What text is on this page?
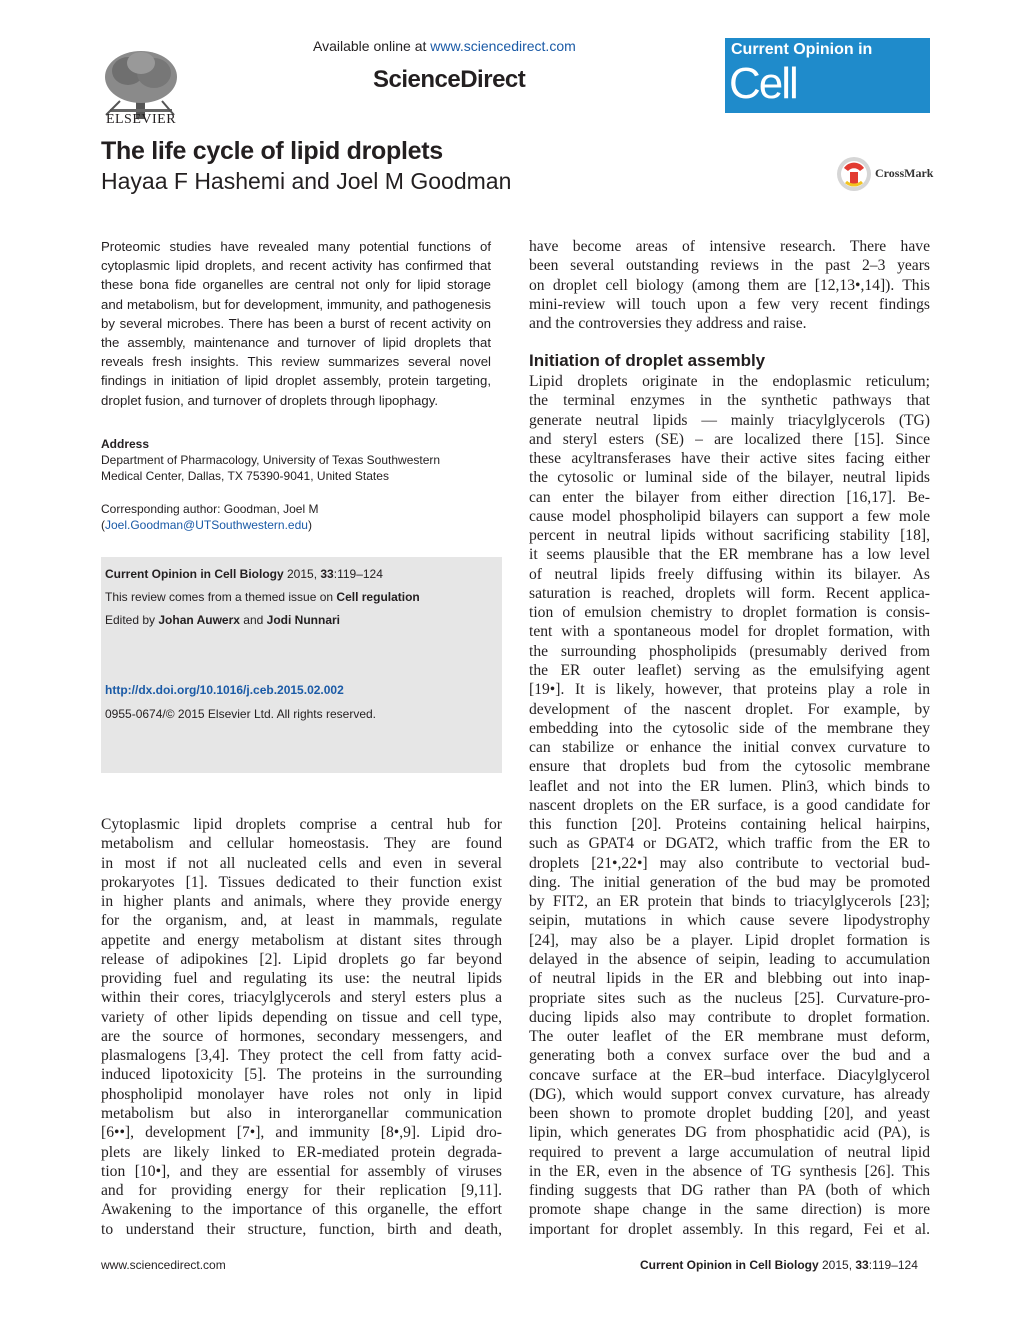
ELSEVIER
Available online at www.sciencedirect.com
ScienceDirect
Current Opinion in
Cell Biology
The life cycle of lipid droplets
Hayaa F Hashemi and Joel M Goodman	CrossMark
Proteomic studies have revealed many potential functions of cytoplasmic lipid droplets, and recent activity has confirmed that these bona fide organelles are central not only for lipid storage and metabolism, but for development, immunity, and pathogenesis by several microbes. There has been a burst of recent activity on the assembly, maintenance and turnover of lipid droplets that reveals fresh insights. This review summarizes several novel findings in initiation of lipid droplet assembly, protein targeting, droplet fusion, and turnover of droplets through lipophagy.
Address
Department of Pharmacology, University of Texas Southwestern
Medical Center, Dallas, TX 75390-9041, United States
Corresponding author: Goodman, Joel M
(Joel.Goodman@UTSouthwestern.edu)
Current Opinion in Cell Biology 2015, 33:119–124
This review comes from a themed issue on Cell regulation
Edited by Johan Auwerx and Jodi Nunnari
http://dx.doi.org/10.1016/j.ceb.2015.02.002
0955-0674/© 2015 Elsevier Ltd. All rights reserved.
Cytoplasmic lipid droplets comprise a central hub for
metabolism and cellular homeostasis. They are found
in most if not all nucleated cells and even in several
prokaryotes [1]. Tissues dedicated to their function exist
in higher plants and animals, where they provide energy
for the organism, and, at least in mammals, regulate
appetite and energy metabolism at distant sites through
release of adipokines [2]. Lipid droplets go far beyond
providing fuel and regulating its use: the neutral lipids
within their cores, triacylglycerols and steryl esters plus a
variety of other lipids depending on tissue and cell type,
are the source of hormones, secondary messengers, and
plasmalogens [3,4]. They protect the cell from fatty acid-
induced lipotoxicity [5]. The proteins in the surrounding
phospholipid monolayer have roles not only in lipid
metabolism but also in interorganellar communication
[6••], development [7•], and immunity [8•,9]. Lipid dro-
plets are likely linked to ER-mediated protein degrada-
tion [10•], and they are essential for assembly of viruses
and for providing energy for their replication [9,11].
Awakening to the importance of this organelle, the effort
to understand their structure, function, birth and death,
have become areas of intensive research. There have
been several outstanding reviews in the past 2–3 years
on droplet cell biology (among them are [12,13•,14]). This
mini-review will touch upon a few very recent findings
and the controversies they address and raise.
Initiation of droplet assembly
Lipid droplets originate in the endoplasmic reticulum;
the terminal enzymes in the synthetic pathways that
generate neutral lipids — mainly triacylglycerols (TG)
and steryl esters (SE) – are localized there [15]. Since
these acyltransferases have their active sites facing either
the cytosolic or luminal side of the bilayer, neutral lipids
can enter the bilayer from either direction [16,17]. Be-
cause model phospholipid bilayers can support a few mole
percent in neutral lipids without sacrificing stability [18],
it seems plausible that the ER membrane has a low level
of neutral lipids freely diffusing within its bilayer. As
saturation is reached, droplets will form. Recent applica-
tion of emulsion chemistry to droplet formation is consis-
tent with a spontaneous model for droplet formation, with
the surrounding phospholipids (presumably derived from
the ER outer leaflet) serving as the emulsifying agent
[19•]. It is likely, however, that proteins play a role in
development of the nascent droplet. For example, by
embedding into the cytosolic side of the membrane they
can stabilize or enhance the initial convex curvature to
ensure that droplets bud from the cytosolic membrane
leaflet and not into the ER lumen. Plin3, which binds to
nascent droplets on the ER surface, is a good candidate for
this function [20]. Proteins containing helical hairpins,
such as GPAT4 or DGAT2, which traffic from the ER to
droplets [21•,22•] may also contribute to vectorial bud-
ding. The initial generation of the bud may be promoted
by FIT2, an ER protein that binds to triacylglycerols [23];
seipin, mutations in which cause severe lipodystrophy
[24], may also be a player. Lipid droplet formation is
delayed in the absence of seipin, leading to accumulation
of neutral lipids in the ER and blebbing out into inap-
propriate sites such as the nucleus [25]. Curvature-pro-
ducing lipids also may contribute to droplet formation.
The outer leaflet of the ER membrane must deform,
generating both a convex surface over the bud and a
concave surface at the ER–bud interface. Diacylglycerol
(DG), which would support convex curvature, has already
been shown to promote droplet budding [20], and yeast
lipin, which generates DG from phosphatidic acid (PA), is
required to prevent a large accumulation of neutral lipid
in the ER, even in the absence of TG synthesis [26]. This
finding suggests that DG rather than PA (both of which
promote shape change in the same direction) is more
important for droplet assembly. In this regard, Fei et al.
www.sciencedirect.com	Current Opinion in Cell Biology 2015, 33:119–124
